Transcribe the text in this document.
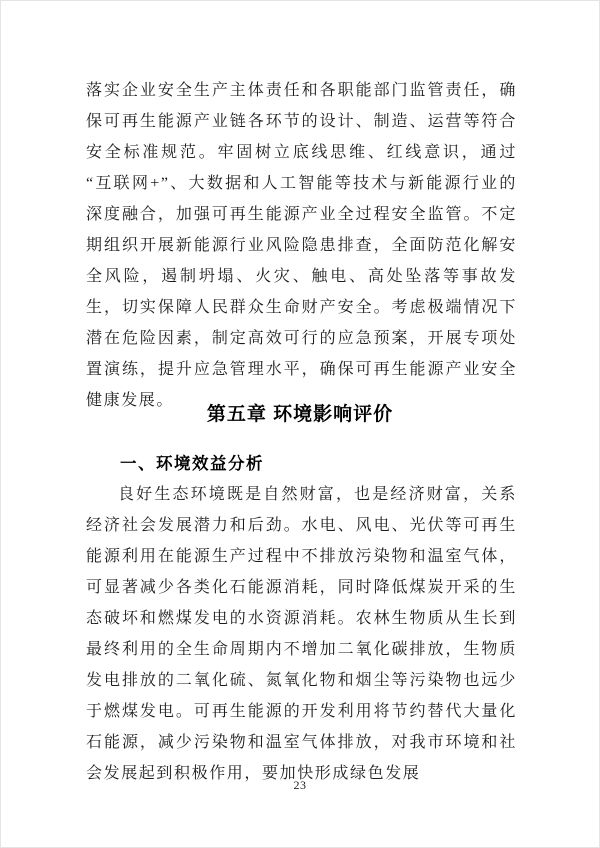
落实企业安全生产主体责任和各职能部门监管责任，确保可再生能源产业链各环节的设计、制造、运营等符合安全标准规范。牢固树立底线思维、红线意识，通过“互联网+”、大数据和人工智能等技术与新能源行业的深度融合，加强可再生能源产业全过程安全监管。不定期组织开展新能源行业风险隐患排查，全面防范化解安全风险，遏制坍塌、火灾、触电、高处坠落等事故发生，切实保障人民群众生命财产安全。考虑极端情况下潜在危险因素，制定高效可行的应急预案，开展专项处置演练，提升应急管理水平，确保可再生能源产业安全健康发展。

第五章 环境影响评价
一、环境效益分析

良好生态环境既是自然财富，也是经济财富，关系经济社会发展潜力和后劲。水电、风电、光伏等可再生能源利用在能源生产过程中不排放污染物和温室气体，可显著减少各类化石能源消耗，同时降低煤炭开采的生态破坏和燃煤发电的水资源消耗。农林生物质从生长到最终利用的全生命周期内不增加二氧化碳排放，生物质发电排放的二氧化硫、氮氧化物和烟尘等污染物也远少于燃煤发电。可再生能源的开发利用将节约替代大量化石能源，减少污染物和温室气体排放，对我市环境和社会发展起到积极作用，要加快形成绿色发展

23
